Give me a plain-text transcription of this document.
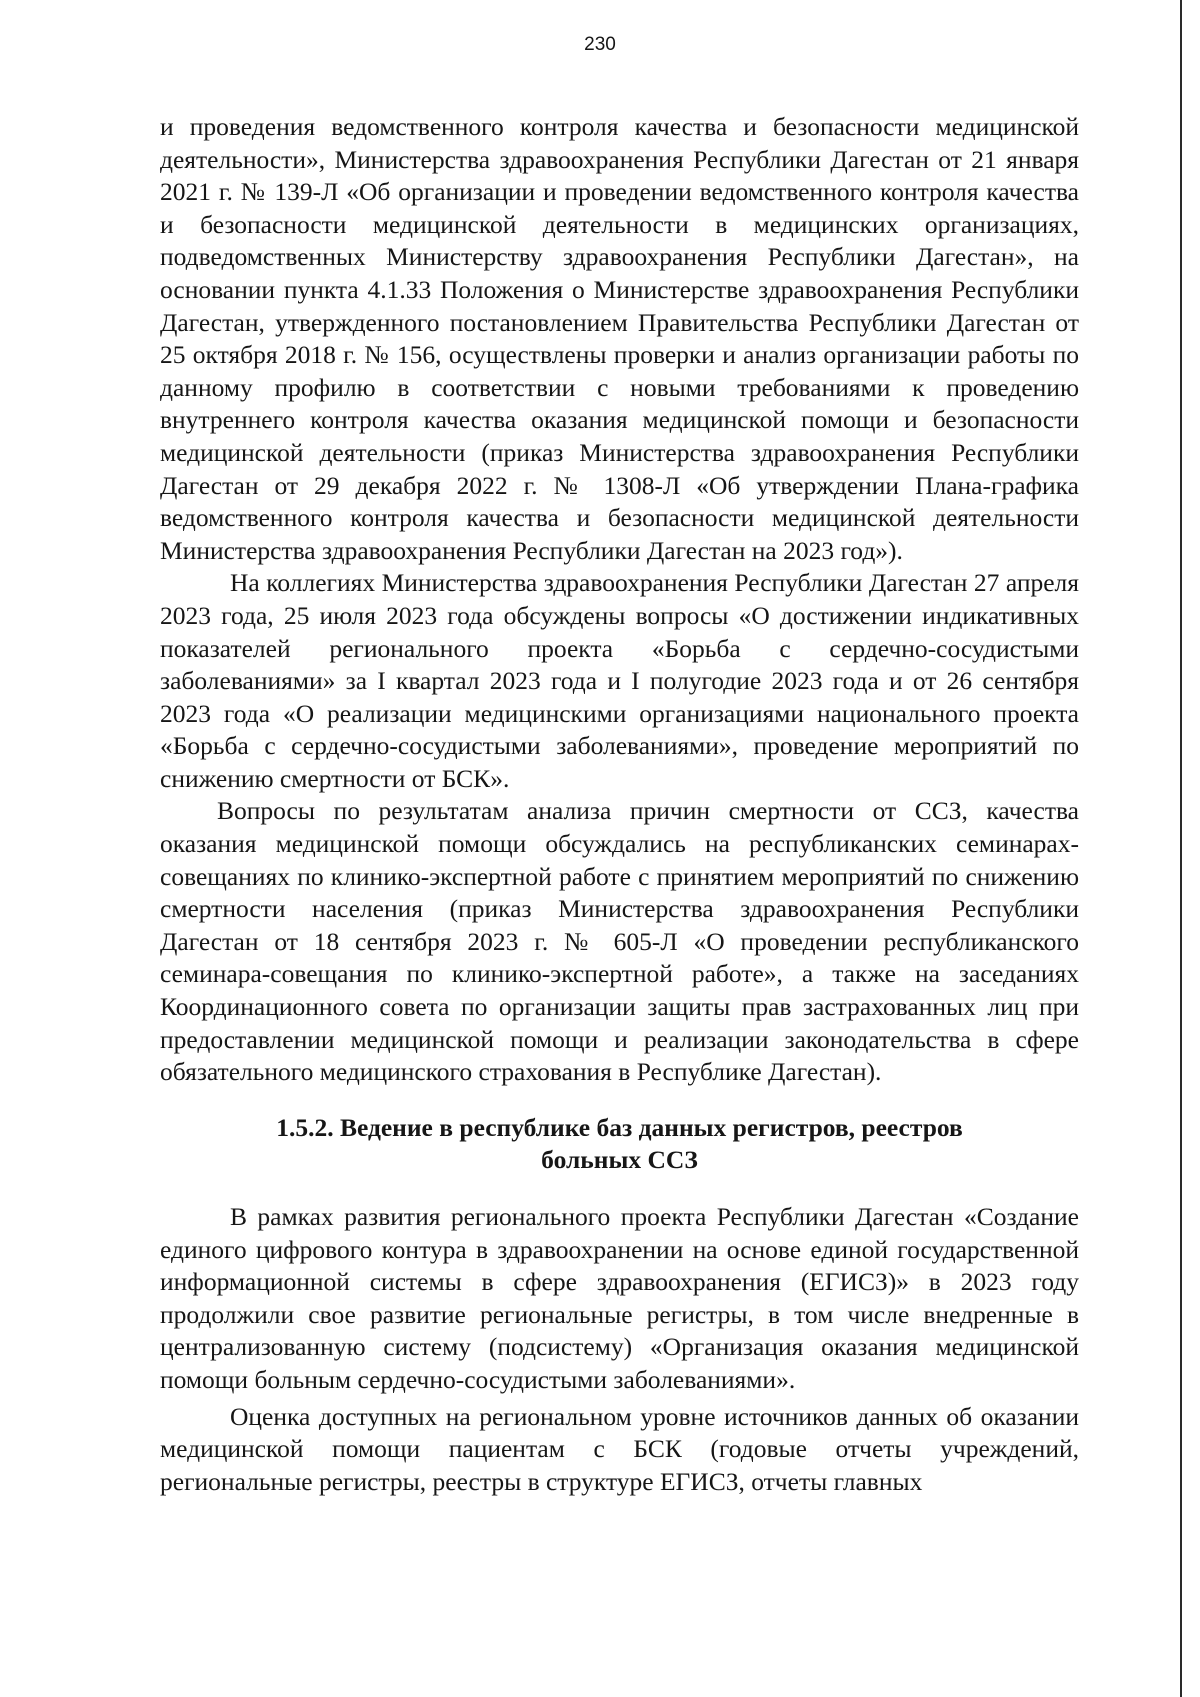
230

и проведения ведомственного контроля качества и безопасности медицинской деятельности», Министерства здравоохранения Республики Дагестан от 21 января 2021 г. № 139-Л «Об организации и проведении ведомственного контроля качества и безопасности медицинской деятельности в медицинских организациях, подведомственных Министерству здравоохранения Республики Дагестан», на основании пункта 4.1.33 Положения о Министерстве здравоохранения Республики Дагестан, утвержденного постановлением Правительства Республики Дагестан от 25 октября 2018 г. № 156, осуществлены проверки и анализ организации работы по данному профилю в соответствии с новыми требованиями к проведению внутреннего контроля качества оказания медицинской помощи и безопасности медицинской деятельности (приказ Министерства здравоохранения Республики Дагестан от 29 декабря 2022 г. № 1308-Л «Об утверждении Плана-графика ведомственного контроля качества и безопасности медицинской деятельности Министерства здравоохранения Республики Дагестан на 2023 год»).

На коллегиях Министерства здравоохранения Республики Дагестан 27 апреля 2023 года, 25 июля 2023 года обсуждены вопросы «О достижении индикативных показателей регионального проекта «Борьба с сердечно-сосудистыми заболеваниями» за I квартал 2023 года и I полугодие 2023 года и от 26 сентября 2023 года «О реализации медицинскими организациями национального проекта «Борьба с сердечно-сосудистыми заболеваниями», проведение мероприятий по снижению смертности от БСК».

Вопросы по результатам анализа причин смертности от ССЗ, качества оказания медицинской помощи обсуждались на республиканских семинарах-совещаниях по клинико-экспертной работе с принятием мероприятий по снижению смертности населения (приказ Министерства здравоохранения Республики Дагестан от 18 сентября 2023 г. № 605-Л «О проведении республиканского семинара-совещания по клинико-экспертной работе», а также на заседаниях Координационного совета по организации защиты прав застрахованных лиц при предоставлении медицинской помощи и реализации законодательства в сфере обязательного медицинского страхования в Республике Дагестан).

1.5.2. Ведение в республике баз данных регистров, реестров
больных ССЗ

В рамках развития регионального проекта Республики Дагестан «Создание единого цифрового контура в здравоохранении на основе единой государственной информационной системы в сфере здравоохранения (ЕГИСЗ)» в 2023 году продолжили свое развитие региональные регистры, в том числе внедренные в централизованную систему (подсистему) «Организация оказания медицинской помощи больным сердечно-сосудистыми заболеваниями».

Оценка доступных на региональном уровне источников данных об оказании медицинской помощи пациентам с БСК (годовые отчеты учреждений, региональные регистры, реестры в структуре ЕГИСЗ, отчеты главных
